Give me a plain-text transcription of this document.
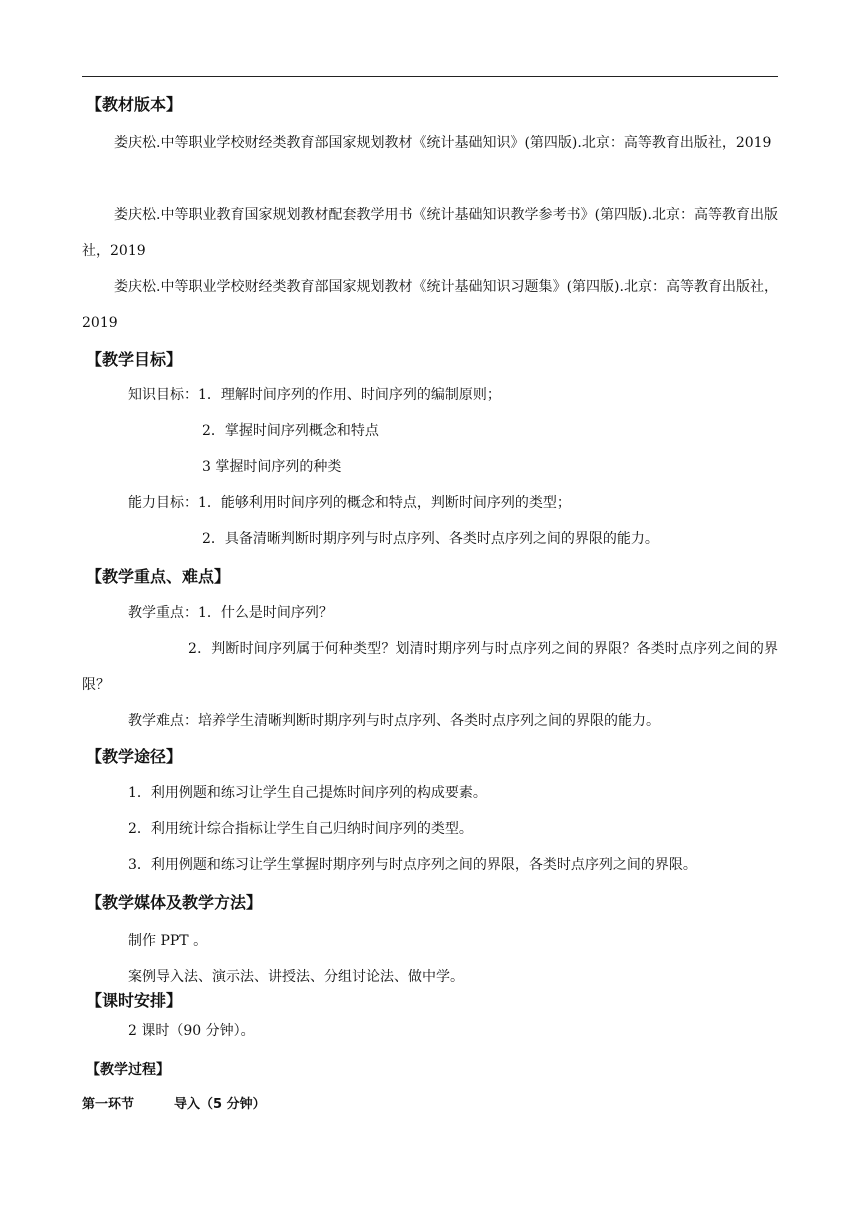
【教材版本】
娄庆松.中等职业学校财经类教育部国家规划教材《统计基础知识》(第四版).北京：高等教育出版社，2019
娄庆松.中等职业教育国家规划教材配套教学用书《统计基础知识教学参考书》(第四版).北京：高等教育出版社，2019
娄庆松.中等职业学校财经类教育部国家规划教材《统计基础知识习题集》(第四版).北京：高等教育出版社，2019
【教学目标】
知识目标： 1．理解时间序列的作用、时间序列的编制原则；
2．掌握时间序列概念和特点
3 掌握时间序列的种类
能力目标： 1．能够利用时间序列的概念和特点，判断时间序列的类型；
2．具备清晰判断时期序列与时点序列、各类时点序列之间的界限的能力。
【教学重点、难点】
教学重点： 1．什么是时间序列？
2．判断时间序列属于何种类型？划清时期序列与时点序列之间的界限？各类时点序列之间的界限？
教学难点：培养学生清晰判断时期序列与时点序列、各类时点序列之间的界限的能力。
【教学途径】
1．利用例题和练习让学生自己提炼时间序列的构成要素。
2．利用统计综合指标让学生自己归纳时间序列的类型。
3．利用例题和练习让学生掌握时期序列与时点序列之间的界限，各类时点序列之间的界限。
【教学媒体及教学方法】
制作 PPT 。
案例导入法、演示法、讲授法、分组讨论法、做中学。
【课时安排】
2 课时（90 分钟）。
【教学过程】
第一环节	导入（5 分钟）
